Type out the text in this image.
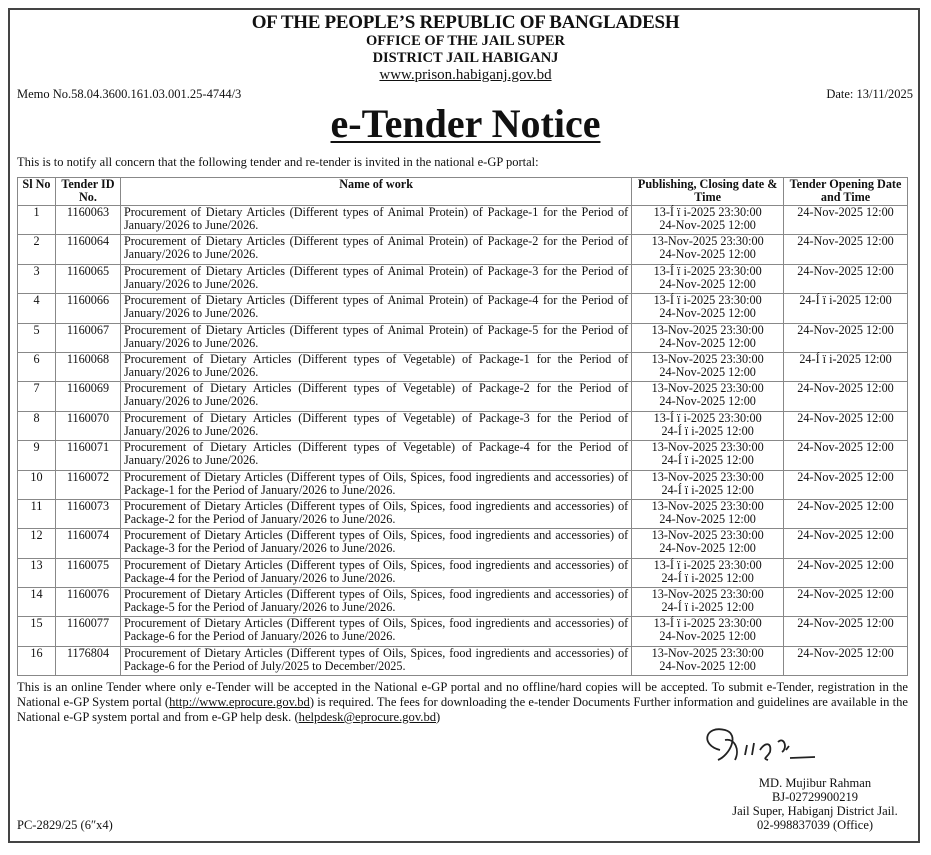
OF THE PEOPLE’S REPUBLIC OF BANGLADESH
OFFICE OF THE JAIL SUPER
DISTRICT JAIL HABIGANJ
www.prison.habiganj.gov.bd
Memo No.58.04.3600.161.03.001.25-4744/3	Date: 13/11/2025
e-Tender Notice
This is to notify all concern that the following tender and re-tender is invited in the national e-GP portal:
Sl No	Tender ID No.	Name of work	Publishing, Closing date & Time	Tender Opening Date and Time
1	1160063	Procurement of Dietary Articles (Different types of Animal Protein) of Package-1 for the Period of January/2026 to June/2026.	13-Í ï i-2025 23:30:00
24-Nov-2025 12:00	24-Nov-2025 12:00
2	1160064	Procurement of Dietary Articles (Different types of Animal Protein) of Package-2 for the Period of January/2026 to June/2026.	13-Nov-2025 23:30:00
24-Nov-2025 12:00	24-Nov-2025 12:00
3	1160065	Procurement of Dietary Articles (Different types of Animal Protein) of Package-3 for the Period of January/2026 to June/2026.	13-Í ï i-2025 23:30:00
24-Nov-2025 12:00	24-Nov-2025 12:00
4	1160066	Procurement of Dietary Articles (Different types of Animal Protein) of Package-4 for the Period of January/2026 to June/2026.	13-Í ï i-2025 23:30:00
24-Nov-2025 12:00	24-Í ï i-2025 12:00
5	1160067	Procurement of Dietary Articles (Different types of Animal Protein) of Package-5 for the Period of January/2026 to June/2026.	13-Nov-2025 23:30:00
24-Nov-2025 12:00	24-Nov-2025 12:00
6	1160068	Procurement of Dietary Articles (Different types of Vegetable) of Package-1 for the Period of January/2026 to June/2026.	13-Nov-2025 23:30:00
24-Nov-2025 12:00	24-Í ï i-2025 12:00
7	1160069	Procurement of Dietary Articles (Different types of Vegetable) of Package-2 for the Period of January/2026 to June/2026.	13-Nov-2025 23:30:00
24-Nov-2025 12:00	24-Nov-2025 12:00
8	1160070	Procurement of Dietary Articles (Different types of Vegetable) of Package-3 for the Period of January/2026 to June/2026.	13-Í ï i-2025 23:30:00
24-Í ï i-2025 12:00	24-Nov-2025 12:00
9	1160071	Procurement of Dietary Articles (Different types of Vegetable) of Package-4 for the Period of January/2026 to June/2026.	13-Nov-2025 23:30:00
24-Í ï i-2025 12:00	24-Nov-2025 12:00
10	1160072	Procurement of Dietary Articles (Different types of Oils, Spices, food ingredients and accessories) of Package-1 for the Period of January/2026 to June/2026.	13-Nov-2025 23:30:00
24-Í ï i-2025 12:00	24-Nov-2025 12:00
11	1160073	Procurement of Dietary Articles (Different types of Oils, Spices, food ingredients and accessories) of Package-2 for the Period of January/2026 to June/2026.	13-Nov-2025 23:30:00
24-Nov-2025 12:00	24-Nov-2025 12:00
12	1160074	Procurement of Dietary Articles (Different types of Oils, Spices, food ingredients and accessories) of Package-3 for the Period of January/2026 to June/2026.	13-Nov-2025 23:30:00
24-Nov-2025 12:00	24-Nov-2025 12:00
13	1160075	Procurement of Dietary Articles (Different types of Oils, Spices, food ingredients and accessories) of Package-4 for the Period of January/2026 to June/2026.	13-Í ï i-2025 23:30:00
24-Í ï i-2025 12:00	24-Nov-2025 12:00
14	1160076	Procurement of Dietary Articles (Different types of Oils, Spices, food ingredients and accessories) of Package-5 for the Period of January/2026 to June/2026.	13-Nov-2025 23:30:00
24-Í ï i-2025 12:00	24-Nov-2025 12:00
15	1160077	Procurement of Dietary Articles (Different types of Oils, Spices, food ingredients and accessories) of Package-6 for the Period of January/2026 to June/2026.	13-Í ï i-2025 23:30:00
24-Nov-2025 12:00	24-Nov-2025 12:00
16	1176804	Procurement of Dietary Articles (Different types of Oils, Spices, food ingredients and accessories) of Package-6 for the Period of July/2025 to December/2025.	13-Nov-2025 23:30:00
24-Nov-2025 12:00	24-Nov-2025 12:00
This is an online Tender where only e-Tender will be accepted in the National e-GP portal and no offline/hard copies will be accepted. To submit e-Tender, registration in the National e-GP System portal (http://www.eprocure.gov.bd) is required. The fees for downloading the e-tender Documents Further information and guidelines are available in the National e-GP system portal and from e-GP help desk. (helpdesk@eprocure.gov.bd)
MD. Mujibur Rahman
BJ-02729900219
Jail Super, Habiganj District Jail.
02-998837039 (Office)
PC-2829/25 (6″x4)
